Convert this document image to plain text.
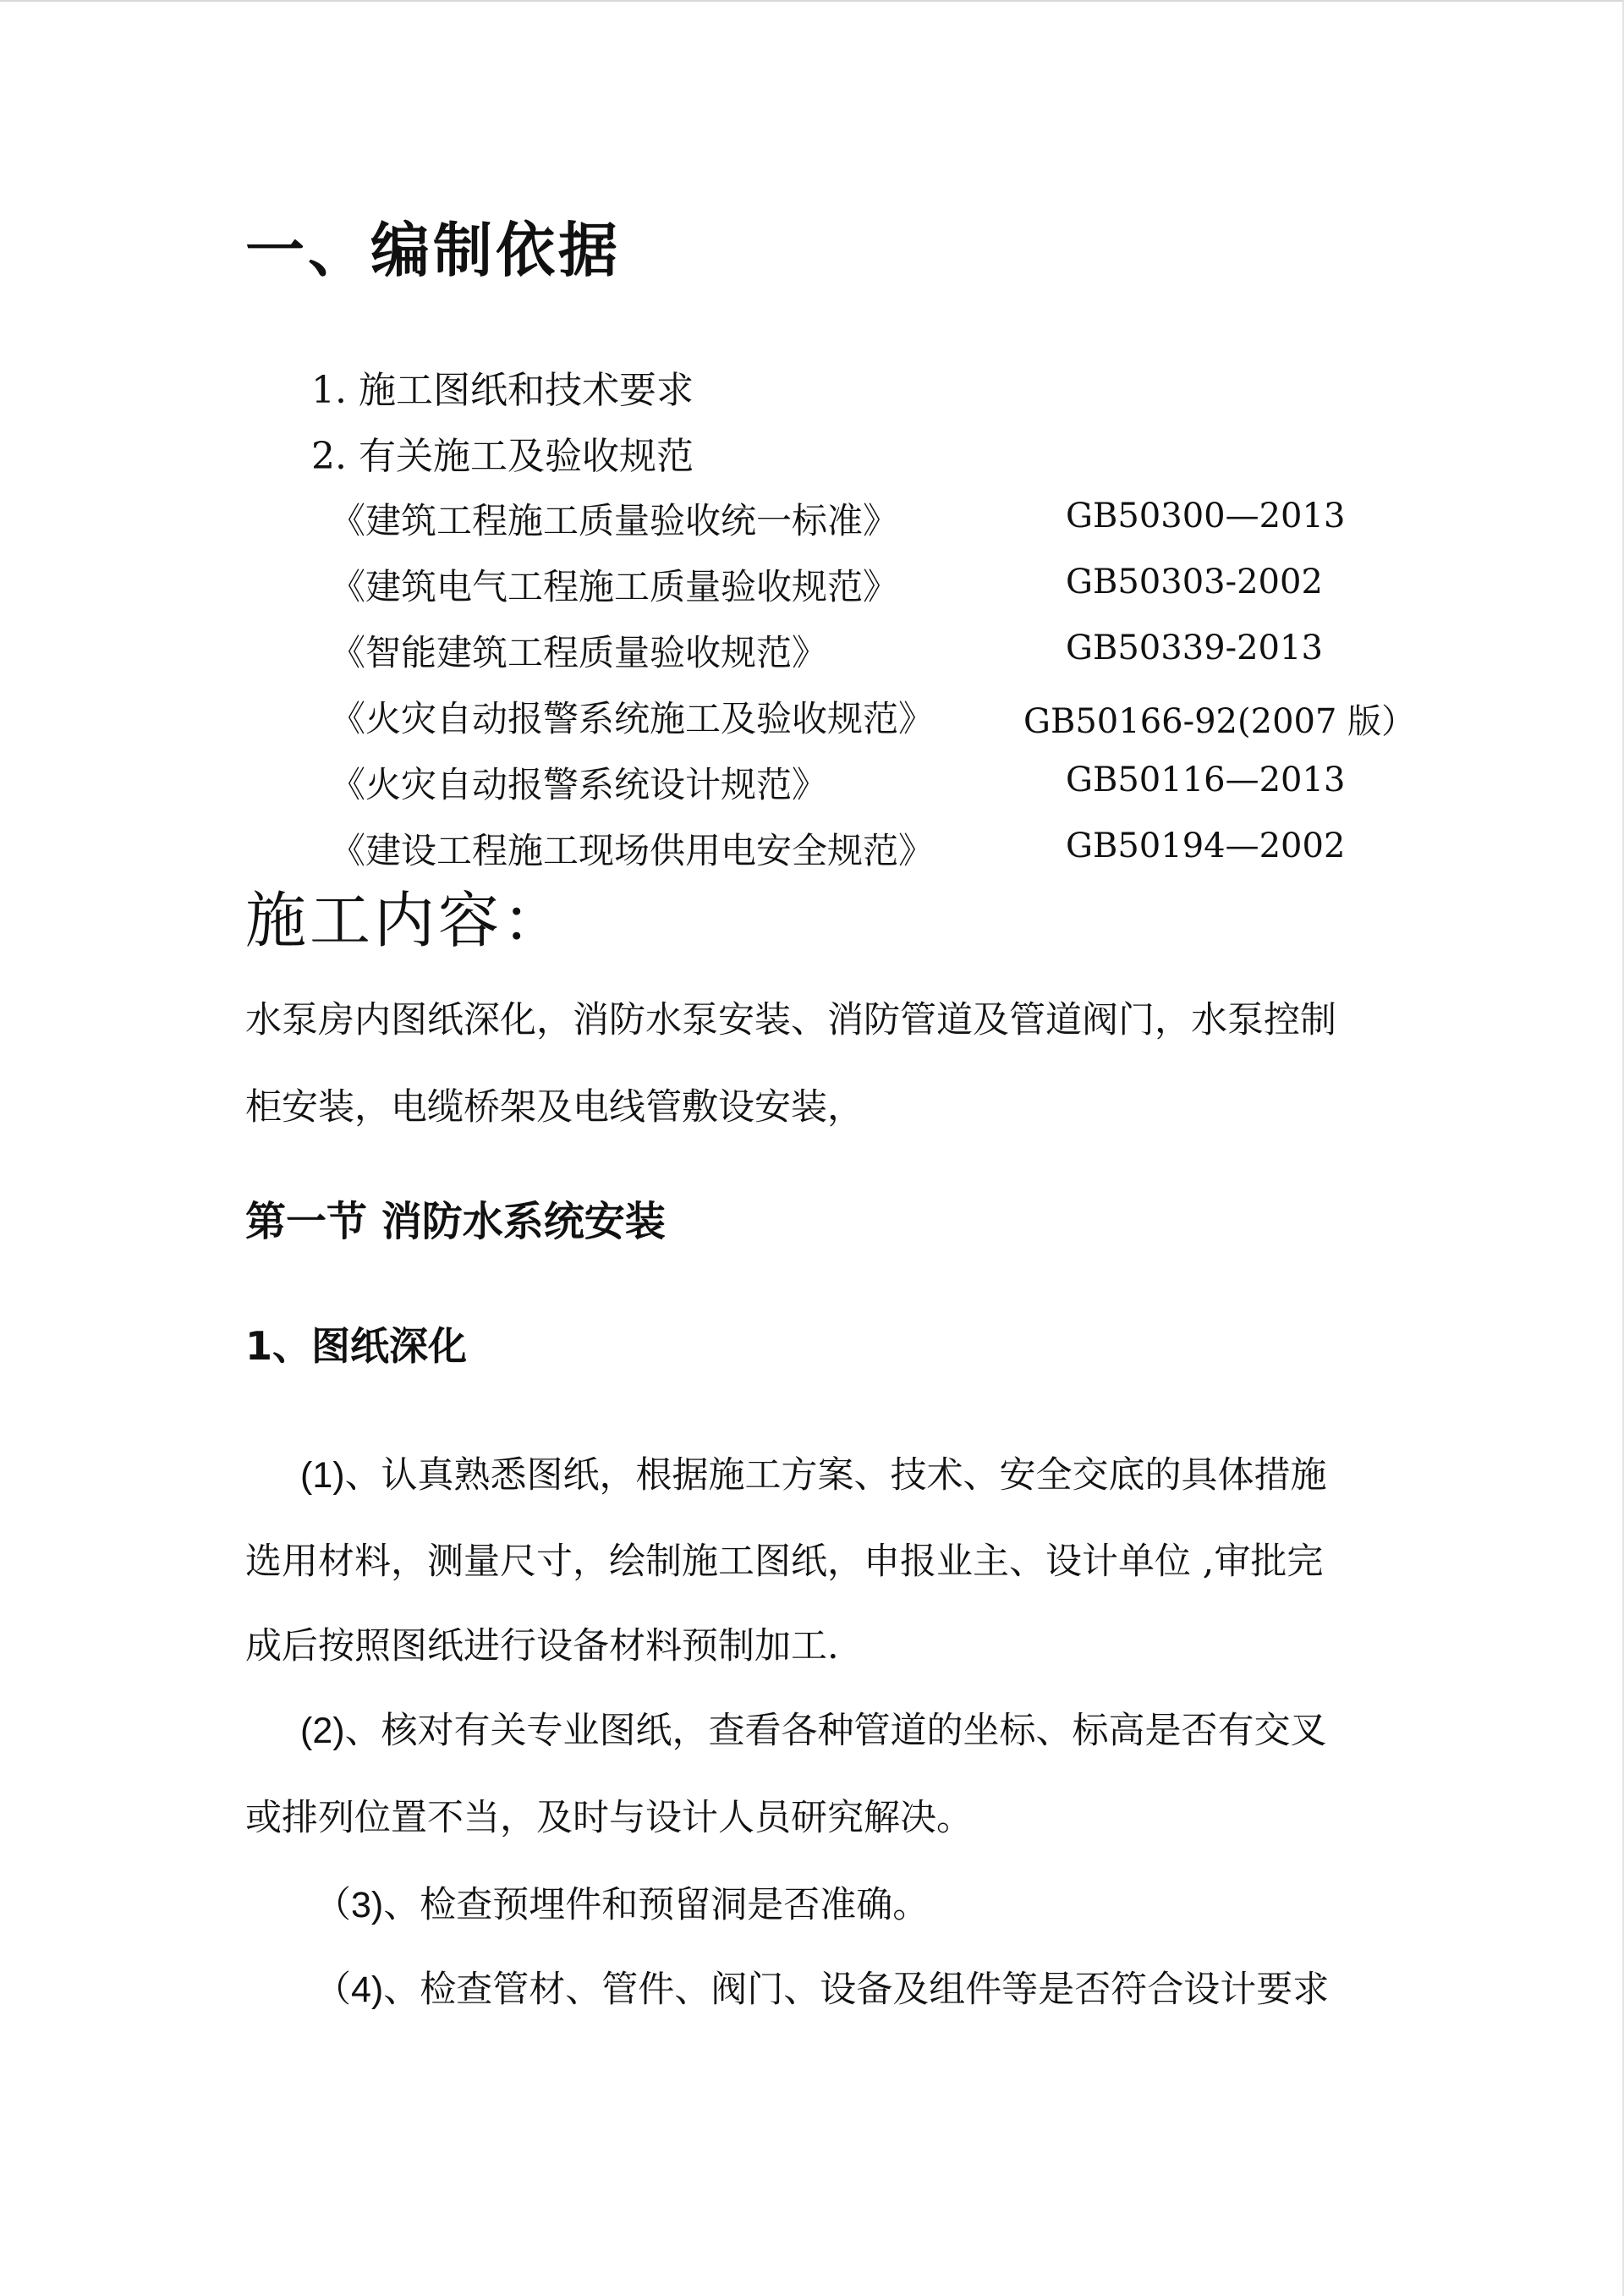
一、编制依据
1. 施工图纸和技术要求
2. 有关施工及验收规范
《建筑工程施工质量验收统一标准》	GB50300—2013
《建筑电气工程施工质量验收规范》	GB50303-2002
《智能建筑工程质量验收规范》	GB50339-2013
《火灾自动报警系统施工及验收规范》	GB50166-92(2007 版）
《火灾自动报警系统设计规范》	GB50116—2013
《建设工程施工现场供用电安全规范》	GB50194—2002
施工内容：
水泵房内图纸深化，消防水泵安装、消防管道及管道阀门，水泵控制
柜安装，电缆桥架及电线管敷设安装，
第一节 消防水系统安装
1、图纸深化
(1)、认真熟悉图纸，根据施工方案、技术、安全交底的具体措施
选用材料，测量尺寸，绘制施工图纸，申报业主、设计单位 ,审批完
成后按照图纸进行设备材料预制加工.
(2)、核对有关专业图纸，查看各种管道的坐标、标高是否有交叉
或排列位置不当，及时与设计人员研究解决。
（3)、检查预埋件和预留洞是否准确。
（4)、检查管材、管件、阀门、设备及组件等是否符合设计要求
